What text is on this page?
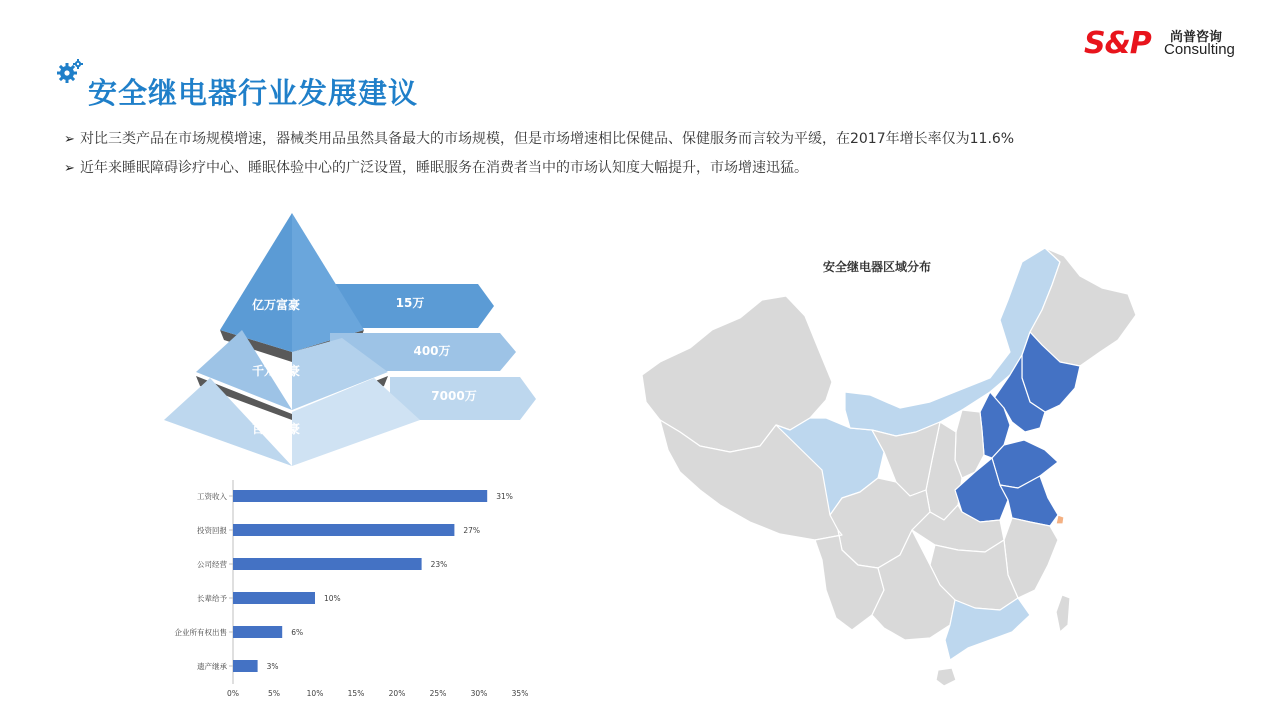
安全继电器行业发展建议
S&P 尚普咨询
Consulting
➢ 对比三类产品在市场规模增速，器械类用品虽然具备最大的市场规模，但是市场增速相比保健品、保健服务而言较为平缓，在2017年增长率仅为11.6%
➢ 近年来睡眠障碍诊疗中心、睡眠体验中心的广泛设置，睡眠服务在消费者当中的市场认知度大幅提升，市场增速迅猛。
亿万富豪	15万
千万富豪
400万
百万富豪
7000万
工资收入	31%
投资回报	27%
公司经营	23%
长辈给予	10%
企业所有权出售	6%
遗产继承	3%
0%	5%	10%	15%	20%	25%	30%	35%
安全继电器区域分布
